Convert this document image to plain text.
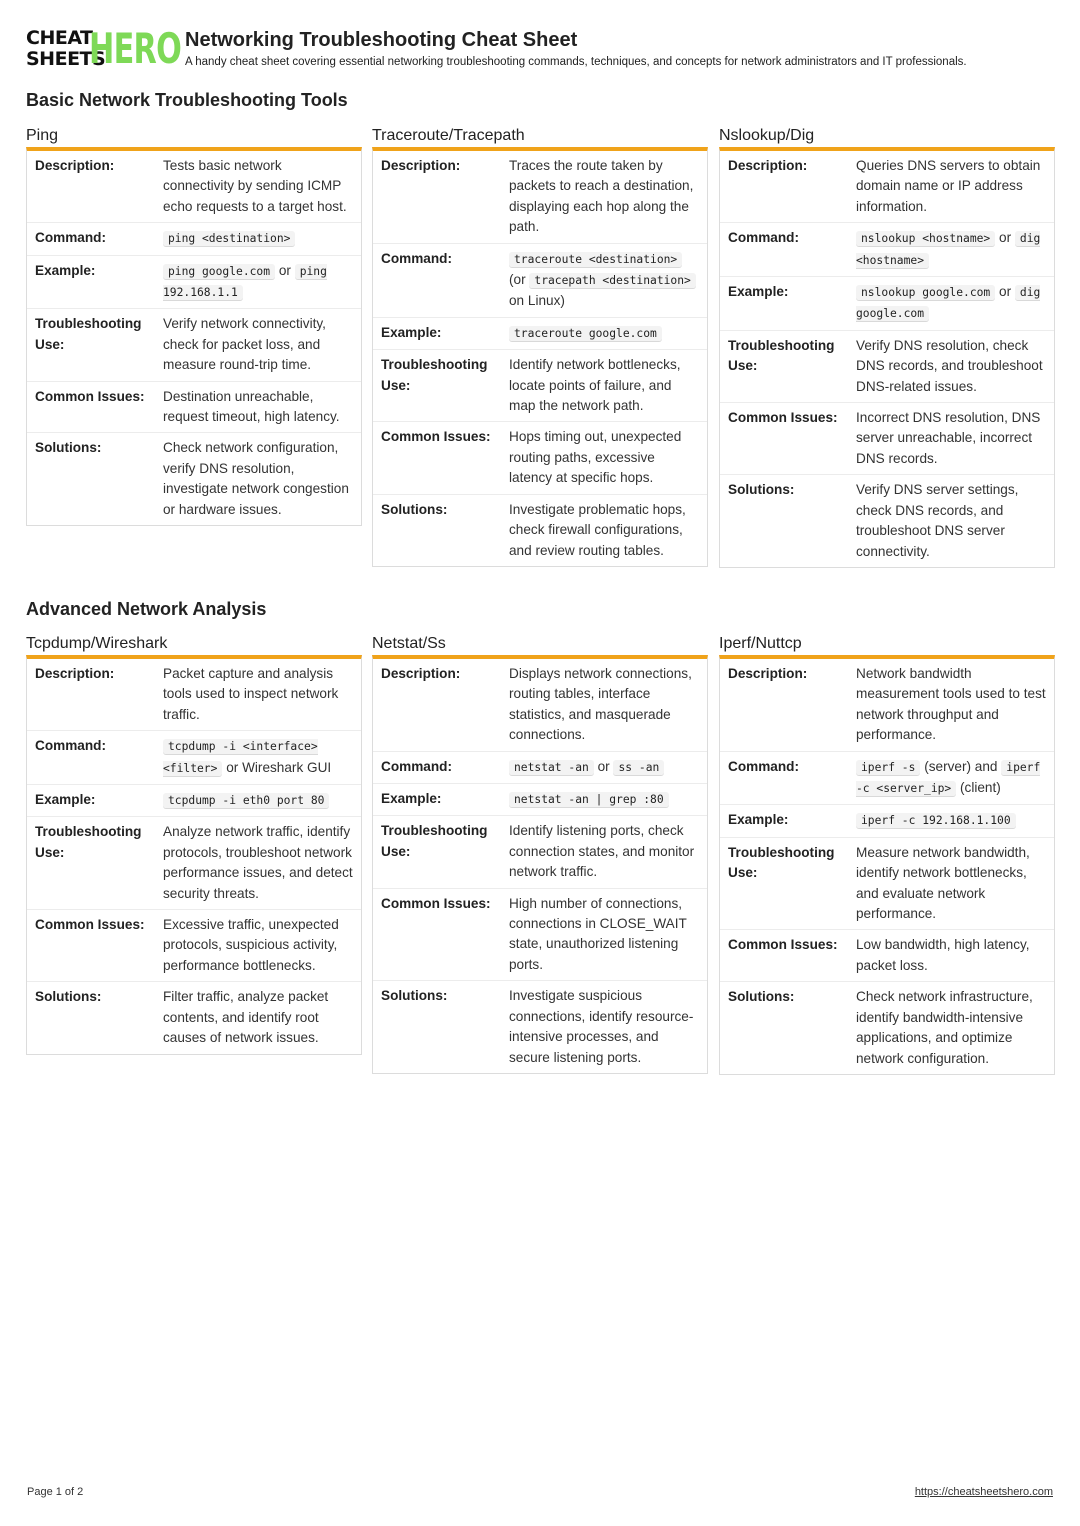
CHEAT
SHEETS
HERO Networking Troubleshooting Cheat Sheet
A handy cheat sheet covering essential networking troubleshooting commands, techniques, and concepts for network administrators and IT professionals.
Basic Network Troubleshooting Tools
Advanced Network Analysis
Ping
Description:	Tests basic network connectivity by sending ICMP echo requests to a target host.
Command:	ping <destination>
Example:	ping google.com or ping 192.168.1.1
Troubleshooting Use:	Verify network connectivity, check for packet loss, and measure round-trip time.
Common Issues:	Destination unreachable, request timeout, high latency.
Solutions:	Check network configuration, verify DNS resolution, investigate network congestion or hardware issues.
Traceroute/Tracepath
Description:	Traces the route taken by packets to reach a destination, displaying each hop along the path.
Command:	traceroute <destination> (or tracepath <destination> on Linux)
Example:	traceroute google.com
Troubleshooting Use:	Identify network bottlenecks, locate points of failure, and map the network path.
Common Issues:	Hops timing out, unexpected routing paths, excessive latency at specific hops.
Solutions:	Investigate problematic hops, check firewall configurations, and review routing tables.
Nslookup/Dig
Description:	Queries DNS servers to obtain domain name or IP address information.
Command:	nslookup <hostname> or dig <hostname>
Example:	nslookup google.com or dig google.com
Troubleshooting Use:	Verify DNS resolution, check DNS records, and troubleshoot DNS-related issues.
Common Issues:	Incorrect DNS resolution, DNS server unreachable, incorrect DNS records.
Solutions:	Verify DNS server settings, check DNS records, and troubleshoot DNS server connectivity.
Tcpdump/Wireshark
Description:	Packet capture and analysis tools used to inspect network traffic.
Command:	tcpdump -i <interface> <filter> or Wireshark GUI
Example:	tcpdump -i eth0 port 80
Troubleshooting Use:	Analyze network traffic, identify protocols, troubleshoot network performance issues, and detect security threats.
Common Issues:	Excessive traffic, unexpected protocols, suspicious activity, performance bottlenecks.
Solutions:	Filter traffic, analyze packet contents, and identify root causes of network issues.
Netstat/Ss
Description:	Displays network connections, routing tables, interface statistics, and masquerade connections.
Command:	netstat -an or ss -an
Example:	netstat -an | grep :80
Troubleshooting Use:	Identify listening ports, check connection states, and monitor network traffic.
Common Issues:	High number of connections, connections in CLOSE_WAIT state, unauthorized listening ports.
Solutions:	Investigate suspicious connections, identify resource-intensive processes, and secure listening ports.
Iperf/Nuttcp
Description:	Network bandwidth measurement tools used to test network throughput and performance.
Command:	iperf -s (server) and iperf -c <server_ip> (client)
Example:	iperf -c 192.168.1.100
Troubleshooting Use:	Measure network bandwidth, identify network bottlenecks, and evaluate network performance.
Common Issues:	Low bandwidth, high latency, packet loss.
Solutions:	Check network infrastructure, identify bandwidth-intensive applications, and optimize network configuration.
Page 1 of 2	https://cheatsheetshero.com
